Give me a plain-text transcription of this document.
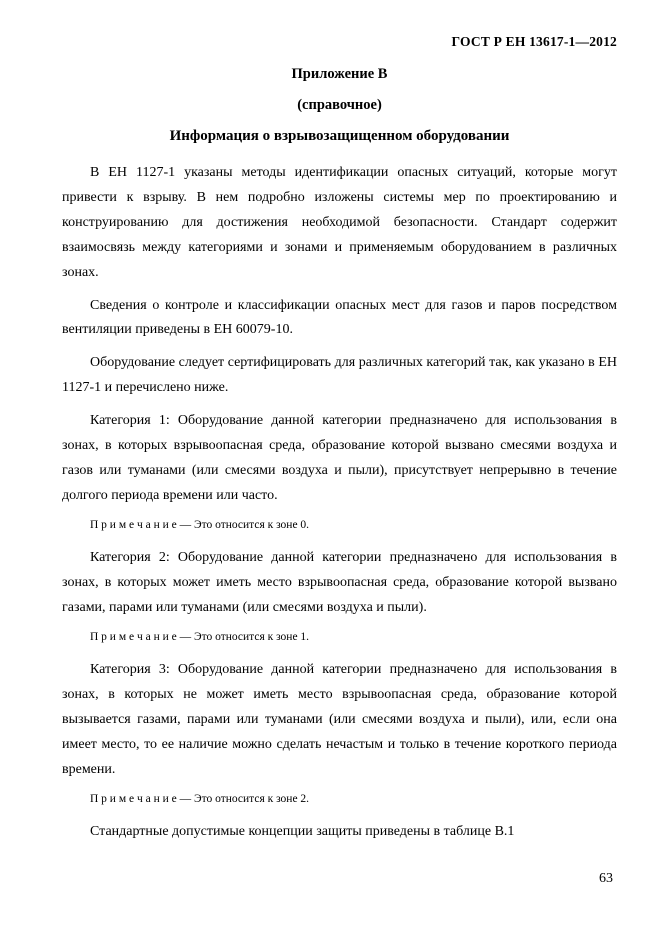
ГОСТ Р ЕН 13617-1—2012
Приложение В
(справочное)
Информация о взрывозащищенном оборудовании

В ЕН 1127-1 указаны методы идентификации опасных ситуаций, которые могут привести к взрыву. В нем подробно изложены системы мер по проектированию и конструированию для достижения необходимой безопасности. Стандарт содержит взаимосвязь между категориями и зонами и применяемым оборудованием в различных зонах.

Сведения о контроле и классификации опасных мест для газов и паров посредством вентиляции приведены в ЕН 60079-10.

Оборудование следует сертифицировать для различных категорий так, как указано в ЕН 1127-1 и перечислено ниже.

Категория 1: Оборудование данной категории предназначено для использования в зонах, в которых взрывоопасная среда, образование которой вызвано смесями воздуха и газов или туманами (или смесями воздуха и пыли), присутствует непрерывно в течение долгого периода времени или часто.

П р и м е ч а н и е — Это относится к зоне 0.

Категория 2: Оборудование данной категории предназначено для использования в зонах, в которых может иметь место взрывоопасная среда, образование которой вызвано газами, парами или туманами (или смесями воздуха и пыли).

П р и м е ч а н и е — Это относится к зоне 1.

Категория 3: Оборудование данной категории предназначено для использования в зонах, в которых не может иметь место взрывоопасная среда, образование которой вызывается газами, парами или туманами (или смесями воздуха и пыли), или, если она имеет место, то ее наличие можно сделать нечастым и только в течение короткого периода времени.

П р и м е ч а н и е — Это относится к зоне 2.

Стандартные допустимые концепции защиты приведены в таблице В.1

63
